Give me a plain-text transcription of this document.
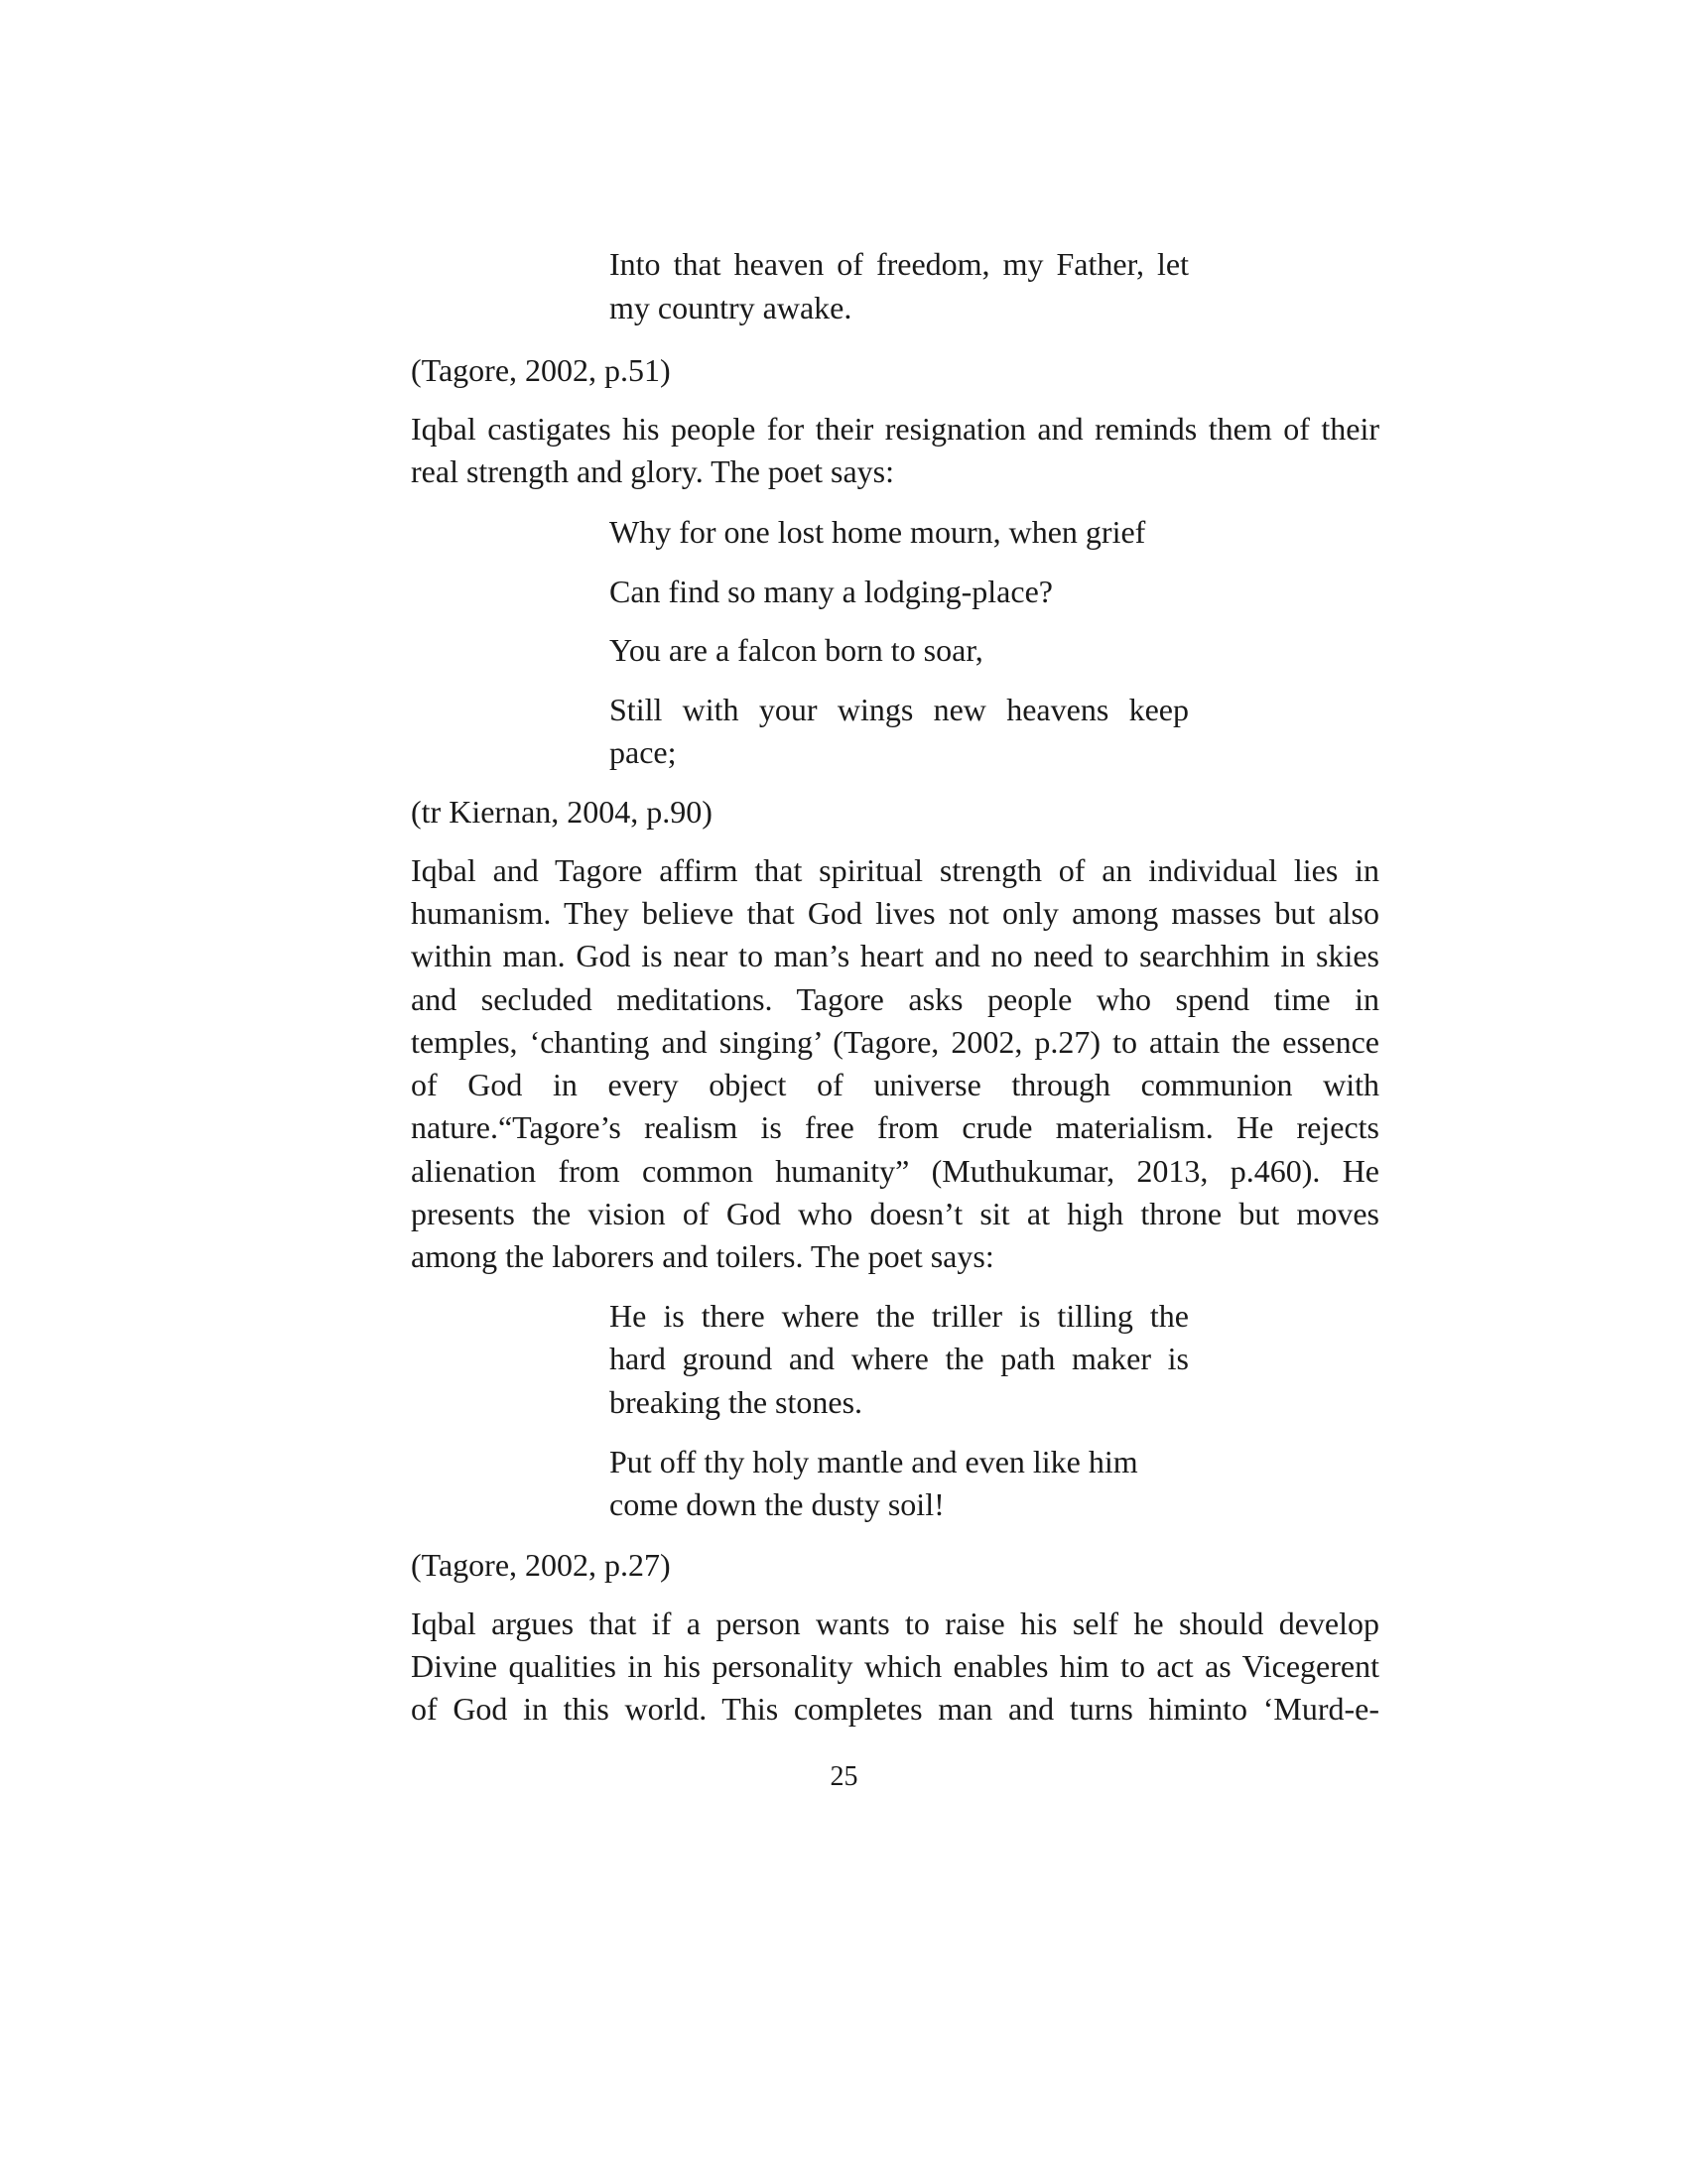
Into that heaven of freedom, my Father, let
my country awake.
(Tagore, 2002, p.51)
Iqbal castigates his people for their resignation and reminds them of their
real strength and glory. The poet says:
Why for one lost home mourn, when grief
Can find so many a lodging-place?
You are a falcon born to soar,
Still with your wings new heavens keep
pace;
(tr Kiernan, 2004, p.90)
Iqbal and Tagore affirm that spiritual strength of an individual lies in
humanism. They believe that God lives not only among masses but also
within man. God is near to man’s heart and no need to searchhim in skies
and secluded meditations. Tagore asks people who spend time in
temples, ‘chanting and singing’ (Tagore, 2002, p.27) to attain the essence
of God in every object of universe through communion with
nature.“Tagore’s realism is free from crude materialism. He rejects
alienation from common humanity” (Muthukumar, 2013, p.460). He
presents the vision of God who doesn’t sit at high throne but moves
among the laborers and toilers. The poet says:
He is there where the triller is tilling the
hard ground and where the path maker is
breaking the stones.
Put off thy holy mantle and even like him
come down the dusty soil!
(Tagore, 2002, p.27)
Iqbal argues that if a person wants to raise his self he should develop
Divine qualities in his personality which enables him to act as Vicegerent
of God in this world. This completes man and turns himinto ‘Murd-e-
25
